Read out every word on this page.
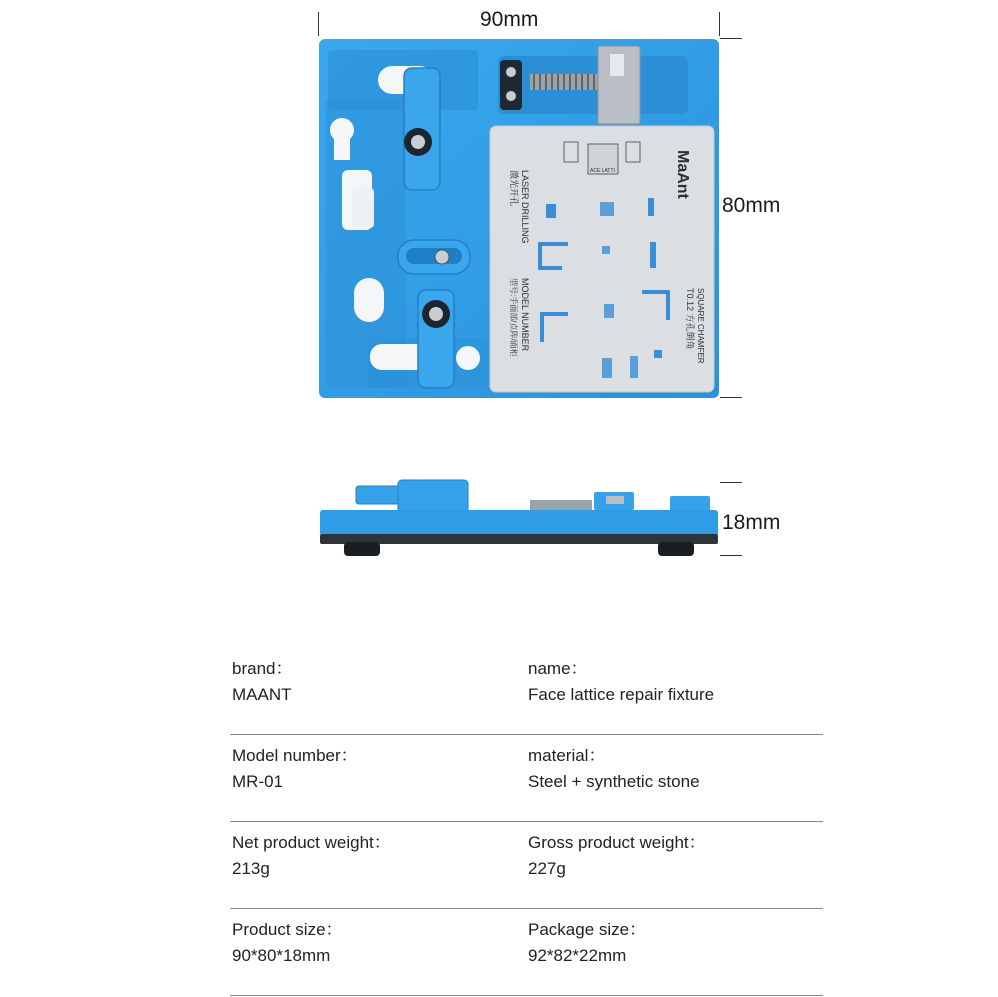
90mm
80mm
18mm
MaAnt
LASER DRILLING
激光开孔
MODEL NUMBER
型号:手面部/点阵/面柜	SQUARE CHAMFER
T0.12 方孔倒角
ACE LATTI
brand：
MAANT
name：
Face lattice repair fixture
Model number：
MR-01
material：
Steel + synthetic stone
Net product weight：
213g
Gross product weight：
227g
Product size：
90*80*18mm
Package size：
92*82*22mm
